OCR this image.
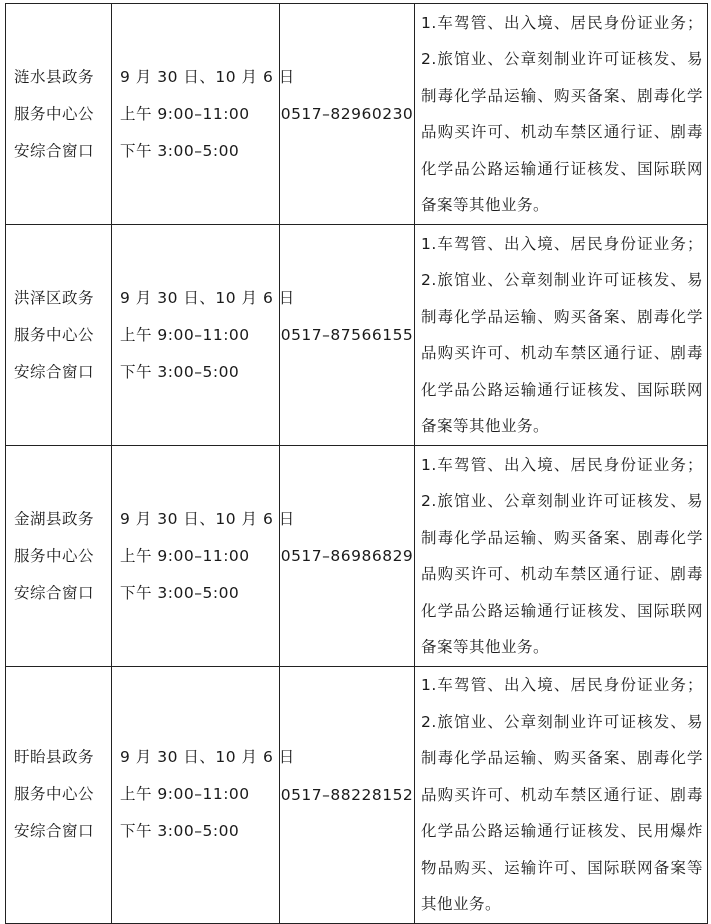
涟水县政务
服务中心公
安综合窗口	9 月 30 日、10 月 6 日
上午 9:00–11:00
下午 3:00–5:00	0517–82960230	1.车驾管、出入境、居民身份证业务；2.旅馆业、公章刻制业许可证核发、易制毒化学品运输、购买备案、剧毒化学品购买许可、机动车禁区通行证、剧毒化学品公路运输通行证核发、国际联网备案等其他业务。

洪泽区政务
服务中心公
安综合窗口	9 月 30 日、10 月 6 日
上午 9:00–11:00
下午 3:00–5:00	0517–87566155	1.车驾管、出入境、居民身份证业务；2.旅馆业、公章刻制业许可证核发、易制毒化学品运输、购买备案、剧毒化学品购买许可、机动车禁区通行证、剧毒化学品公路运输通行证核发、国际联网备案等其他业务。

金湖县政务
服务中心公
安综合窗口	9 月 30 日、10 月 6 日
上午 9:00–11:00
下午 3:00–5:00	0517–86986829	1.车驾管、出入境、居民身份证业务；2.旅馆业、公章刻制业许可证核发、易制毒化学品运输、购买备案、剧毒化学品购买许可、机动车禁区通行证、剧毒化学品公路运输通行证核发、国际联网备案等其他业务。

盱眙县政务
服务中心公
安综合窗口	9 月 30 日、10 月 6 日
上午 9:00–11:00
下午 3:00–5:00	0517–88228152	1.车驾管、出入境、居民身份证业务；2.旅馆业、公章刻制业许可证核发、易制毒化学品运输、购买备案、剧毒化学品购买许可、机动车禁区通行证、剧毒化学品公路运输通行证核发、民用爆炸物品购买、运输许可、国际联网备案等其他业务。
